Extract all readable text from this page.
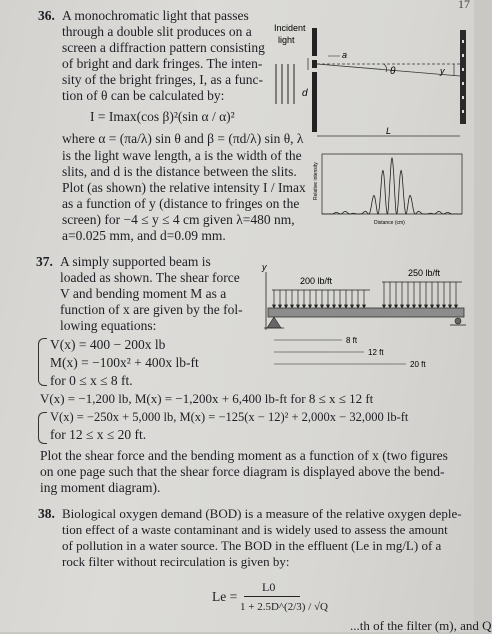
17
36. A monochromatic light that passes
through a double slit produces on a
screen a diffraction pattern consisting
of bright and dark fringes. The inten-
sity of the bright fringes, I, as a func-
tion of θ can be calculated by:
I = Imax(cos β)²(sin α / α)²
where α = (πa/λ) sin θ and β = (πd/λ) sin θ, λ
is the light wave length, a is the width of the
slits, and d is the distance between the slits.
Plot (as shown) the relative intensity I / Imax
as a function of y (distance to fringes on the
screen) for −4 ≤ y ≤ 4 cm given λ=480 nm,
a=0.025 mm, and d=0.09 mm.
Incident
light
d
a
θ	y
L
Relative intensity
Distance (cm)
37. A simply supported beam is
loaded as shown. The shear force
V and bending moment M as a
function of x are given by the fol-
lowing equations:
V(x) = 400 − 200x lb
M(x) = −100x² + 400x lb-ft
for 0 ≤ x ≤ 8 ft.
V(x) = −1,200 lb, M(x) = −1,200x + 6,400 lb-ft for 8 ≤ x ≤ 12 ft
V(x) = −250x + 5,000 lb, M(x) = −125(x − 12)² + 2,000x − 32,000 lb-ft
for 12 ≤ x ≤ 20 ft.
Plot the shear force and the bending moment as a function of x (two figures
on one page such that the shear force diagram is displayed above the bend-
ing moment diagram).
y
200 lb/ft
250 lb/ft
8 ft
12 ft
20 ft
38. Biological oxygen demand (BOD) is a measure of the relative oxygen deple-
tion effect of a waste contaminant and is widely used to assess the amount
of pollution in a water source. The BOD in the effluent (Le in mg/L) of a
rock filter without recirculation is given by:
Le =
L0
1 + 2.5D^(2/3) / √Q
...th of the filter (m), and Q
